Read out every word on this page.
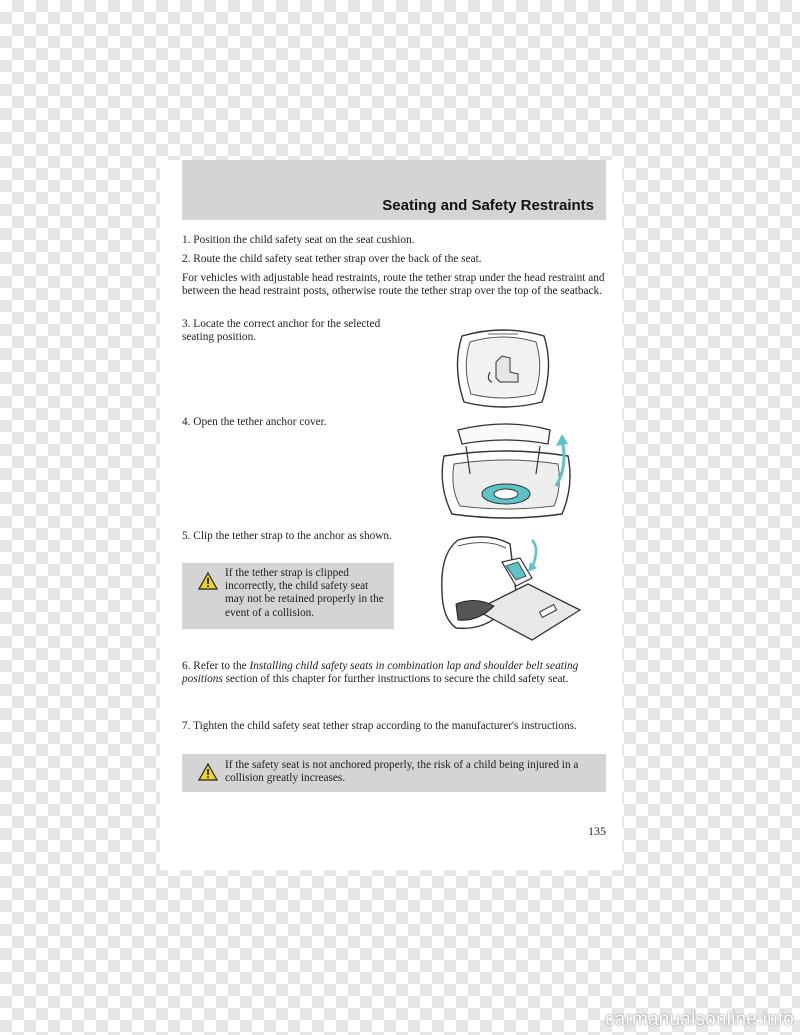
Seating and Safety Restraints
1. Position the child safety seat on the seat cushion.
2. Route the child safety seat tether strap over the back of the seat.
For vehicles with adjustable head restraints, route the tether strap under the head restraint and between the head restraint posts, otherwise route the tether strap over the top of the seatback.
3. Locate the correct anchor for the selected seating position.
4. Open the tether anchor cover.
5. Clip the tether strap to the anchor as shown.
If the tether strap is clipped incorrectly, the child safety seat may not be retained properly in the event of a collision.
6. Refer to the Installing child safety seats in combination lap and shoulder belt seating positions section of this chapter for further instructions to secure the child safety seat.
7. Tighten the child safety seat tether strap according to the manufacturer's instructions.
If the safety seat is not anchored properly, the risk of a child being injured in a collision greatly increases.
135
carmanualsonline.info
